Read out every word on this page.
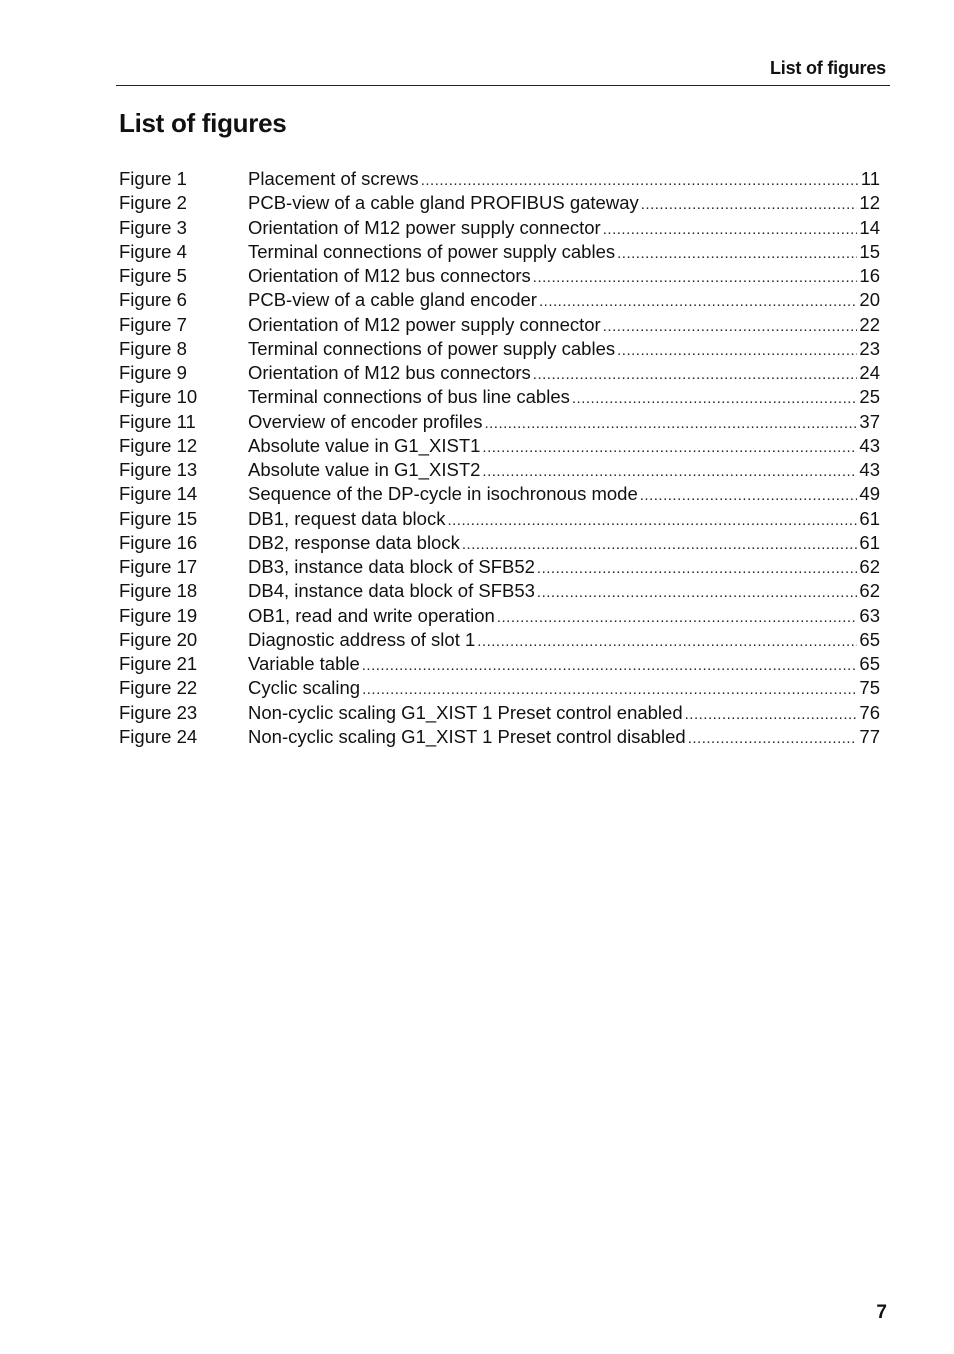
List of figures
List of figures
Figure 1	Placement of screws .....	11
Figure 2	PCB-view of a cable gland PROFIBUS gateway .....	12
Figure 3	Orientation of M12 power supply connector .....	14
Figure 4	Terminal connections of power supply cables .....	15
Figure 5	Orientation of M12 bus connectors .....	16
Figure 6	PCB-view of a cable gland encoder .....	20
Figure 7	Orientation of M12 power supply connector .....	22
Figure 8	Terminal connections of power supply cables .....	23
Figure 9	Orientation of M12 bus connectors .....	24
Figure 10	Terminal connections of bus line cables .....	25
Figure 11	Overview of encoder profiles .....	37
Figure 12	Absolute value in G1_XIST1 .....	43
Figure 13	Absolute value in G1_XIST2 .....	43
Figure 14	Sequence of the DP-cycle in isochronous mode .....	49
Figure 15	DB1, request data block .....	61
Figure 16	DB2, response data block .....	61
Figure 17	DB3, instance data block of SFB52 .....	62
Figure 18	DB4, instance data block of SFB53 .....	62
Figure 19	OB1, read and write operation .....	63
Figure 20	Diagnostic address of slot 1 .....	65
Figure 21	Variable table .....	65
Figure 22	Cyclic scaling .....	75
Figure 23	Non-cyclic scaling G1_XIST 1 Preset control enabled .....	76
Figure 24	Non-cyclic scaling G1_XIST 1 Preset control disabled .....	77
7
